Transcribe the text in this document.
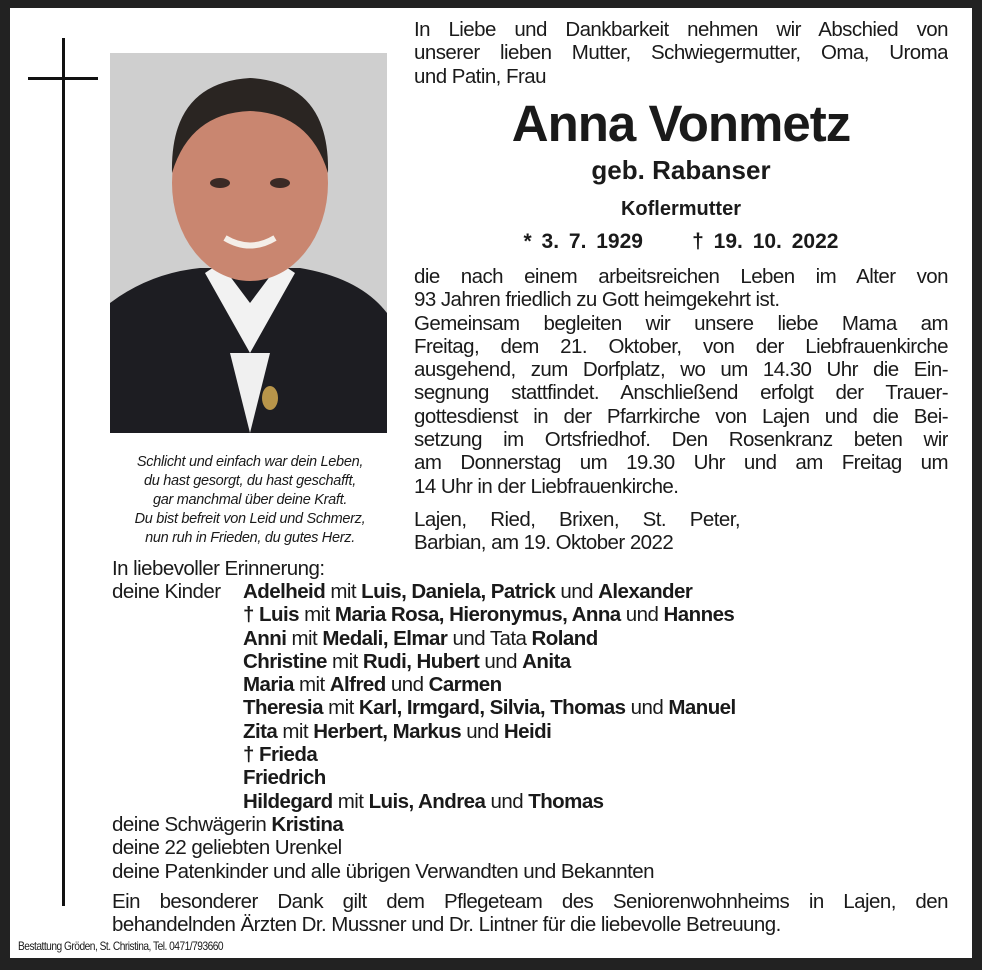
Schlicht und einfach war dein Leben,
du hast gesorgt, du hast geschafft,
gar manchmal über deine Kraft.
Du bist befreit von Leid und Schmerz,
nun ruh in Frieden, du gutes Herz.
In Liebe und Dankbarkeit nehmen wir Abschied von
unserer lieben Mutter, Schwiegermutter, Oma, Uroma
und Patin, Frau
Anna Vonmetz
geb. Rabanser
Koflermutter
* 3. 7. 1929 † 19. 10. 2022
die nach einem arbeitsreichen Leben im Alter von
93 Jahren friedlich zu Gott heimgekehrt ist.
Gemeinsam begleiten wir unsere liebe Mama am
Freitag, dem 21. Oktober, von der Liebfrauenkirche
ausgehend, zum Dorfplatz, wo um 14.30 Uhr die Ein-
segnung stattfindet. Anschließend erfolgt der Trauer-
gottesdienst in der Pfarrkirche von Lajen und die Bei-
setzung im Ortsfriedhof. Den Rosenkranz beten wir
am Donnerstag um 19.30 Uhr und am Freitag um
14 Uhr in der Liebfrauenkirche.
Lajen, Ried, Brixen, St. Peter,
Barbian, am 19. Oktober 2022
In liebevoller Erinnerung:
deine Kinder Adelheid mit Luis, Daniela, Patrick und Alexander
† Luis mit Maria Rosa, Hieronymus, Anna und Hannes
Anni mit Medali, Elmar und Tata Roland
Christine mit Rudi, Hubert und Anita
Maria mit Alfred und Carmen
Theresia mit Karl, Irmgard, Silvia, Thomas und Manuel
Zita mit Herbert, Markus und Heidi
† Frieda
Friedrich
Hildegard mit Luis, Andrea und Thomas
deine Schwägerin Kristina
deine 22 geliebten Urenkel
deine Patenkinder und alle übrigen Verwandten und Bekannten
Ein besonderer Dank gilt dem Pflegeteam des Seniorenwohnheims in Lajen, den
behandelnden Ärzten Dr. Mussner und Dr. Lintner für die liebevolle Betreuung.
Bestattung Gröden, St. Christina, Tel. 0471/793660
